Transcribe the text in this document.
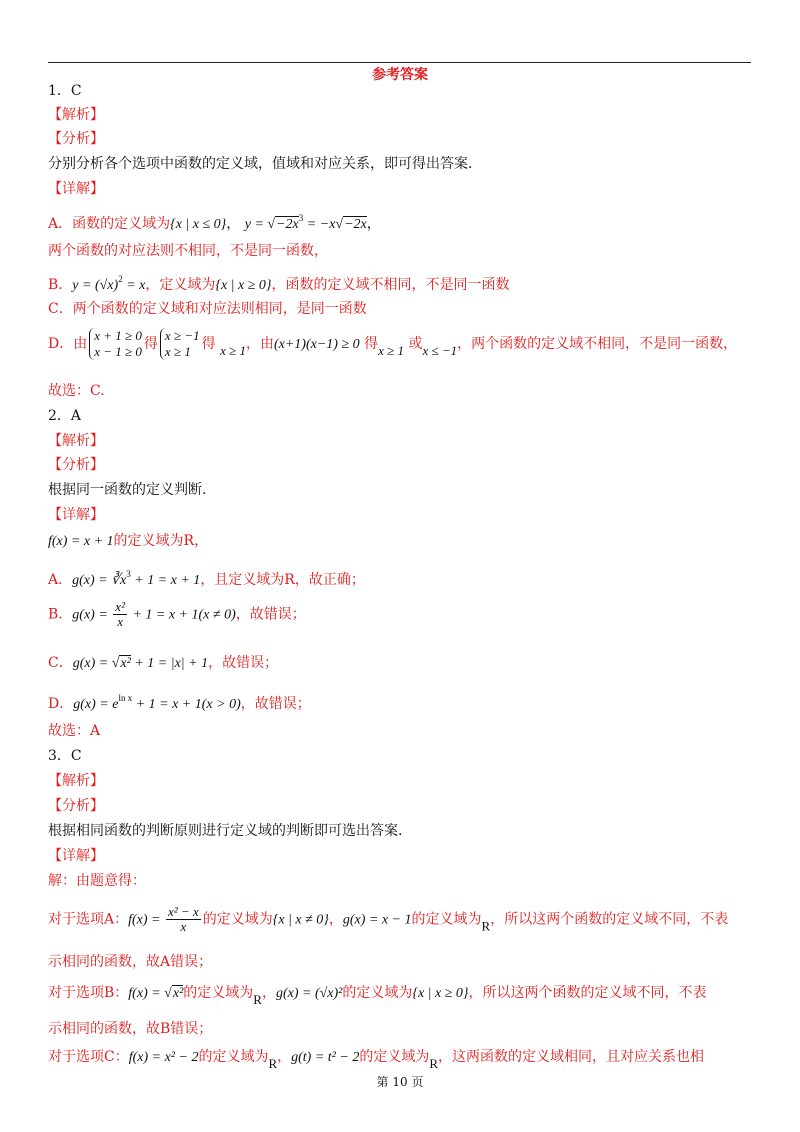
参考答案
1．C
【解析】
【分析】
分别分析各个选项中函数的定义域，值域和对应关系，即可得出答案.
【详解】
A．函数的定义域为{x | x ≤ 0}， $y = √-2x^3 = -x√-2x$，
两个函数的对应法则不相同，不是同一函数，
B．$y = (√x)^2 = x$，定义域为{x | x ≥ 0}，函数的定义域不相同，不是同一函数
C．两个函数的定义域和对应法则相同，是同一函数
D．由
x + 1 ≥ 0
x − 1 ≥ 0 得
x ≥ −1
x ≥ 1 得 x ≥ 1，由(x+1)(x−1) ≥ 0 得x ≥ 1 或x ≤ −1，两个函数的定义域不相同，不是同一函数，
故选：C.
2．A
【解析】
【分析】
根据同一函数的定义判断.
【详解】
f(x) = x + 1的定义域为R，
A．$g(x) = ∛x^3 + 1 = x + 1$，且定义域为R，故正确；
B．$g(x) = \frac{\text{x²}}{x} + 1 = x + 1(x \ne 0)$，故错误；
C．g(x) = √x² + 1 = |x| + 1，故错误；
D．$g(x) = e^{ln x} + 1 = x + 1(x > 0)$，故错误；
故选：A
3．C
【解析】
【分析】
根据相同函数的判断原则进行定义域的判断即可选出答案.
【详解】
解：由题意得：
对于选项A：$f(x) = \frac{\text{x² − x}}{x}$ 的定义域为{x | x ≠ 0}，g(x) = x − 1的定义域为R，所以这两个函数的定义域不同，不表
示相同的函数，故A错误；
对于选项B：f(x) = √x²的定义域为R，g(x) = (√x)²的定义域为{x | x ≥ 0}，所以这两个函数的定义域不同，不表
示相同的函数，故B错误；
对于选项C：f(x) = x² − 2的定义域为R，g(t) = t² − 2的定义域为R，这两函数的定义域相同，且对应关系也相
第 10 页
